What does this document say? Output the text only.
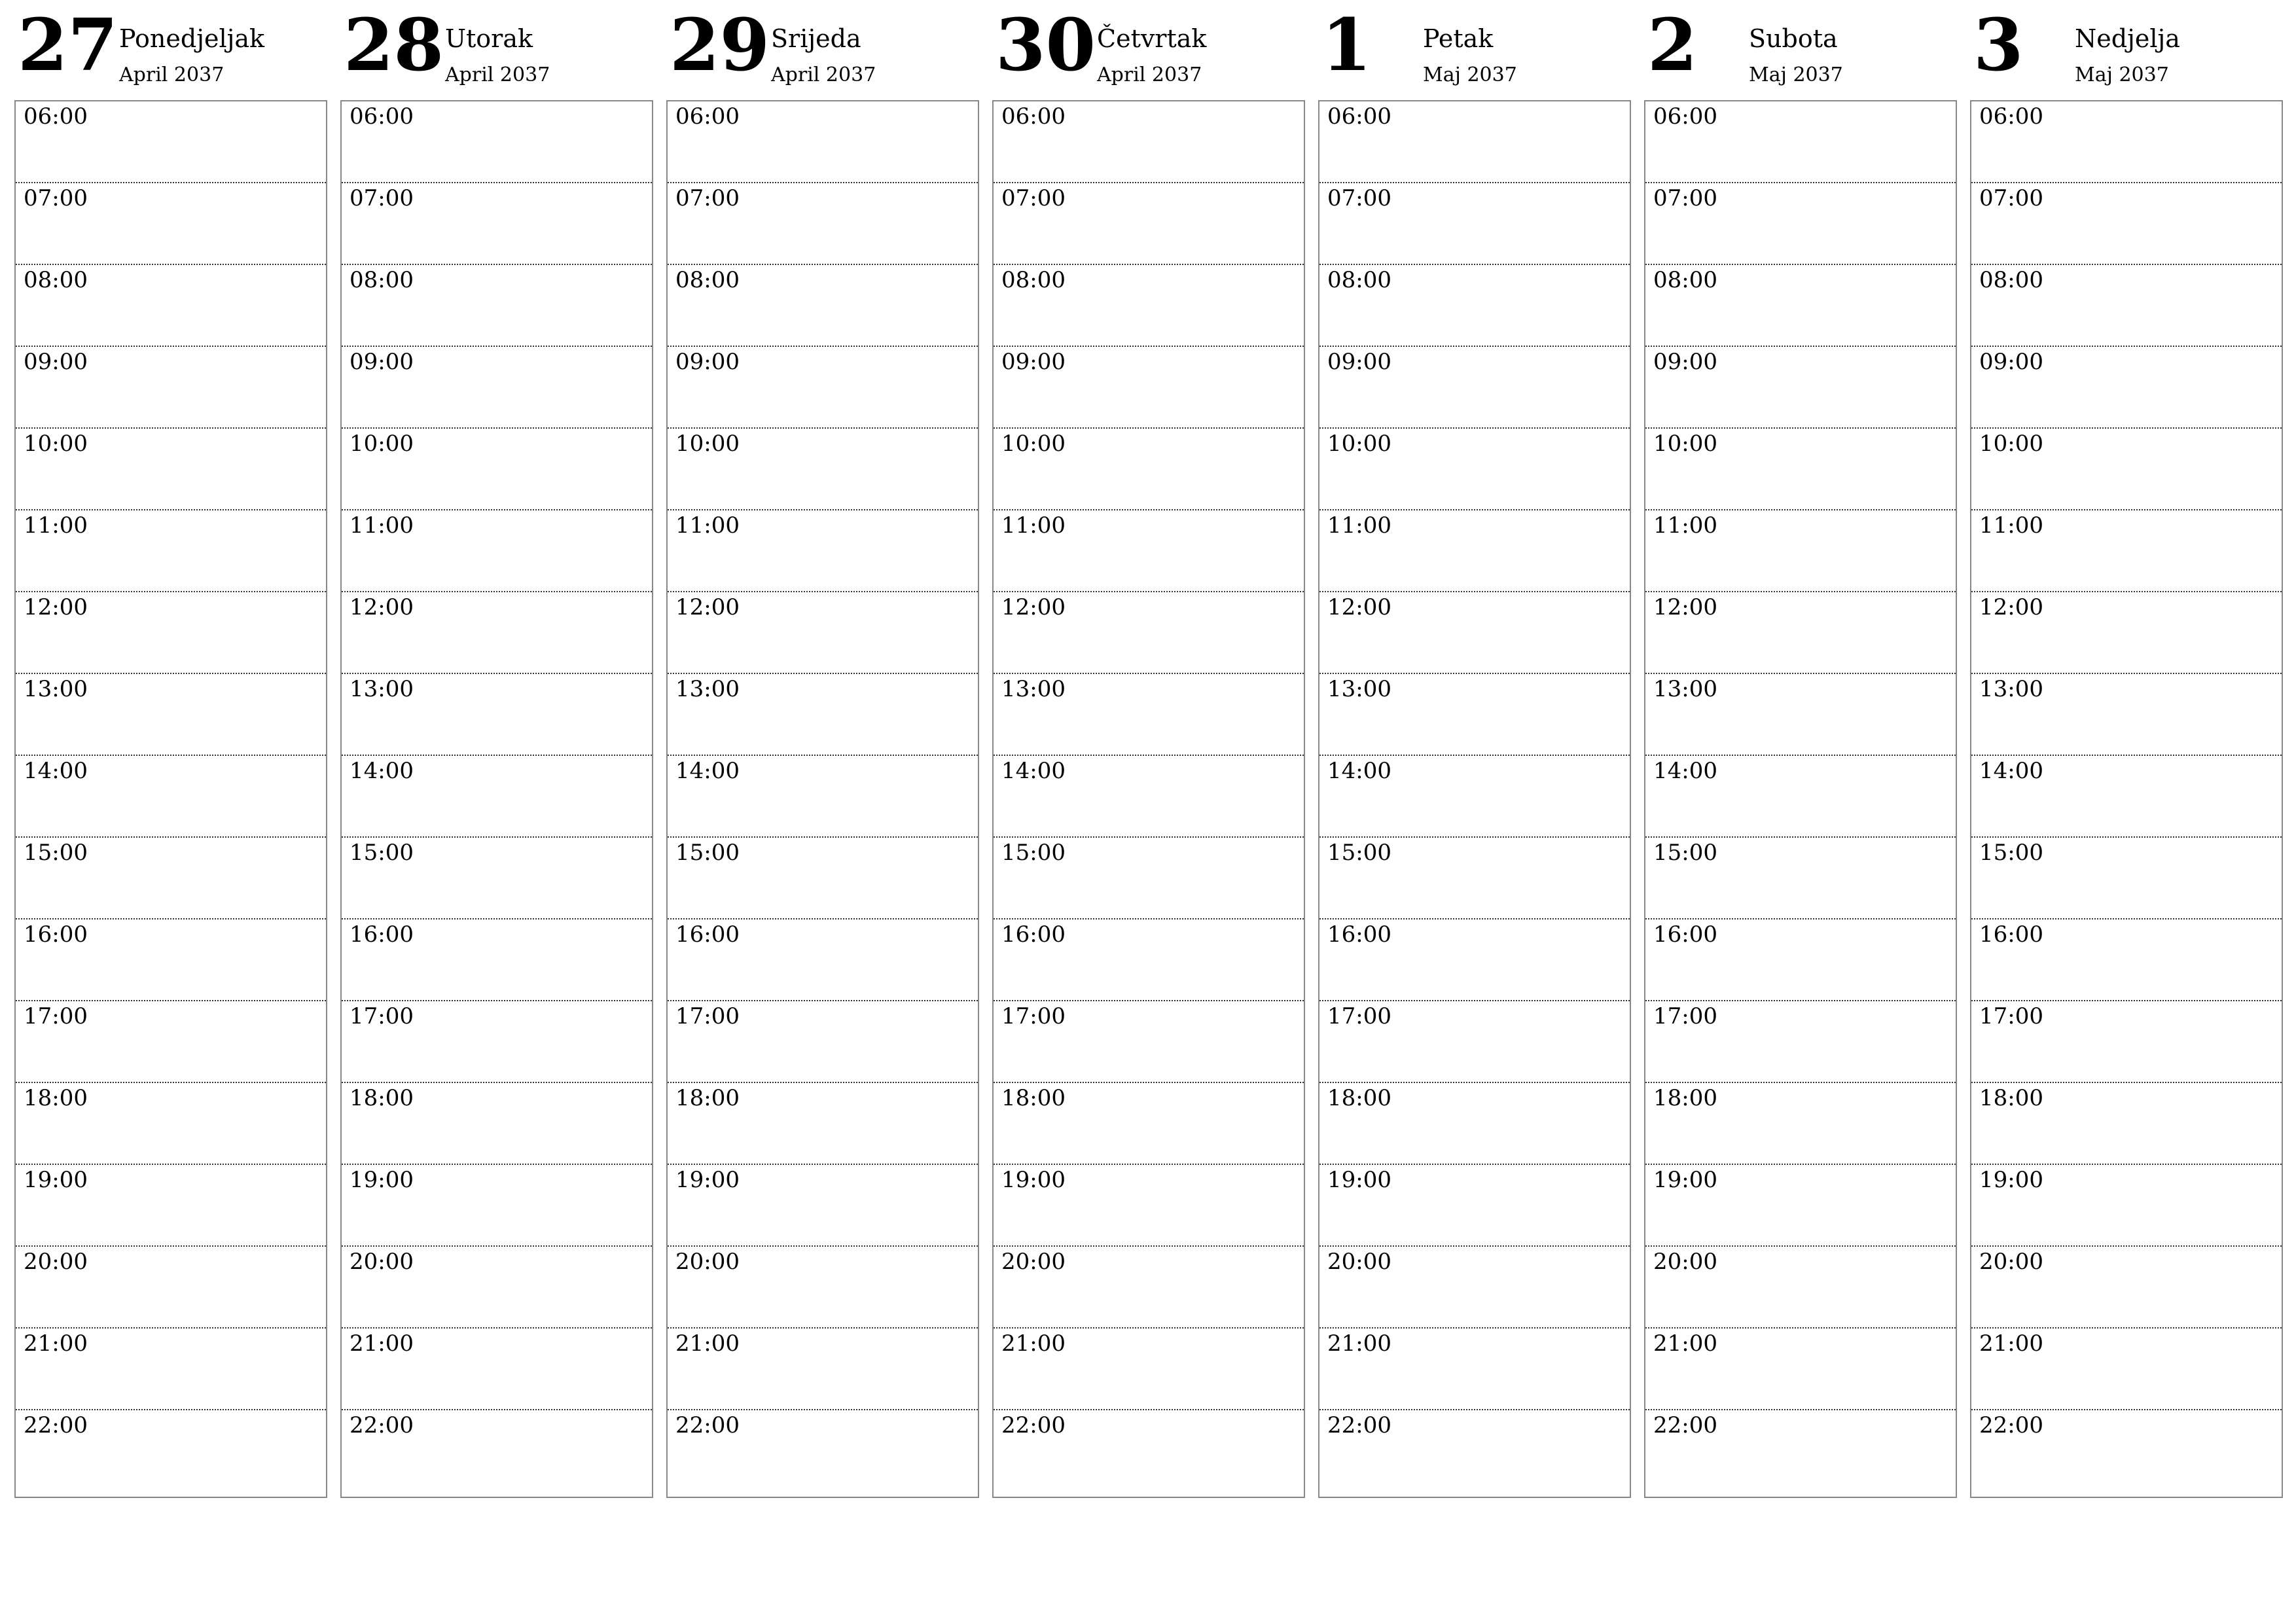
27 Ponedjeljak
April 2037
06:00
07:00
08:00
09:00
10:00
11:00
12:00
13:00
14:00
15:00
16:00
17:00
18:00
19:00
20:00
21:00
22:00
28 Utorak
April 2037
06:00
07:00
08:00
09:00
10:00
11:00
12:00
13:00
14:00
15:00
16:00
17:00
18:00
19:00
20:00
21:00
22:00
29 Srijeda
April 2037
06:00
07:00
08:00
09:00
10:00
11:00
12:00
13:00
14:00
15:00
16:00
17:00
18:00
19:00
20:00
21:00
22:00
30 Četvrtak
April 2037
06:00
07:00
08:00
09:00
10:00
11:00
12:00
13:00
14:00
15:00
16:00
17:00
18:00
19:00
20:00
21:00
22:00
1 Petak
Maj 2037
06:00
07:00
08:00
09:00
10:00
11:00
12:00
13:00
14:00
15:00
16:00
17:00
18:00
19:00
20:00
21:00
22:00
2 Subota
Maj 2037
06:00
07:00
08:00
09:00
10:00
11:00
12:00
13:00
14:00
15:00
16:00
17:00
18:00
19:00
20:00
21:00
22:00
3 Nedjelja
Maj 2037
06:00
07:00
08:00
09:00
10:00
11:00
12:00
13:00
14:00
15:00
16:00
17:00
18:00
19:00
20:00
21:00
22:00
